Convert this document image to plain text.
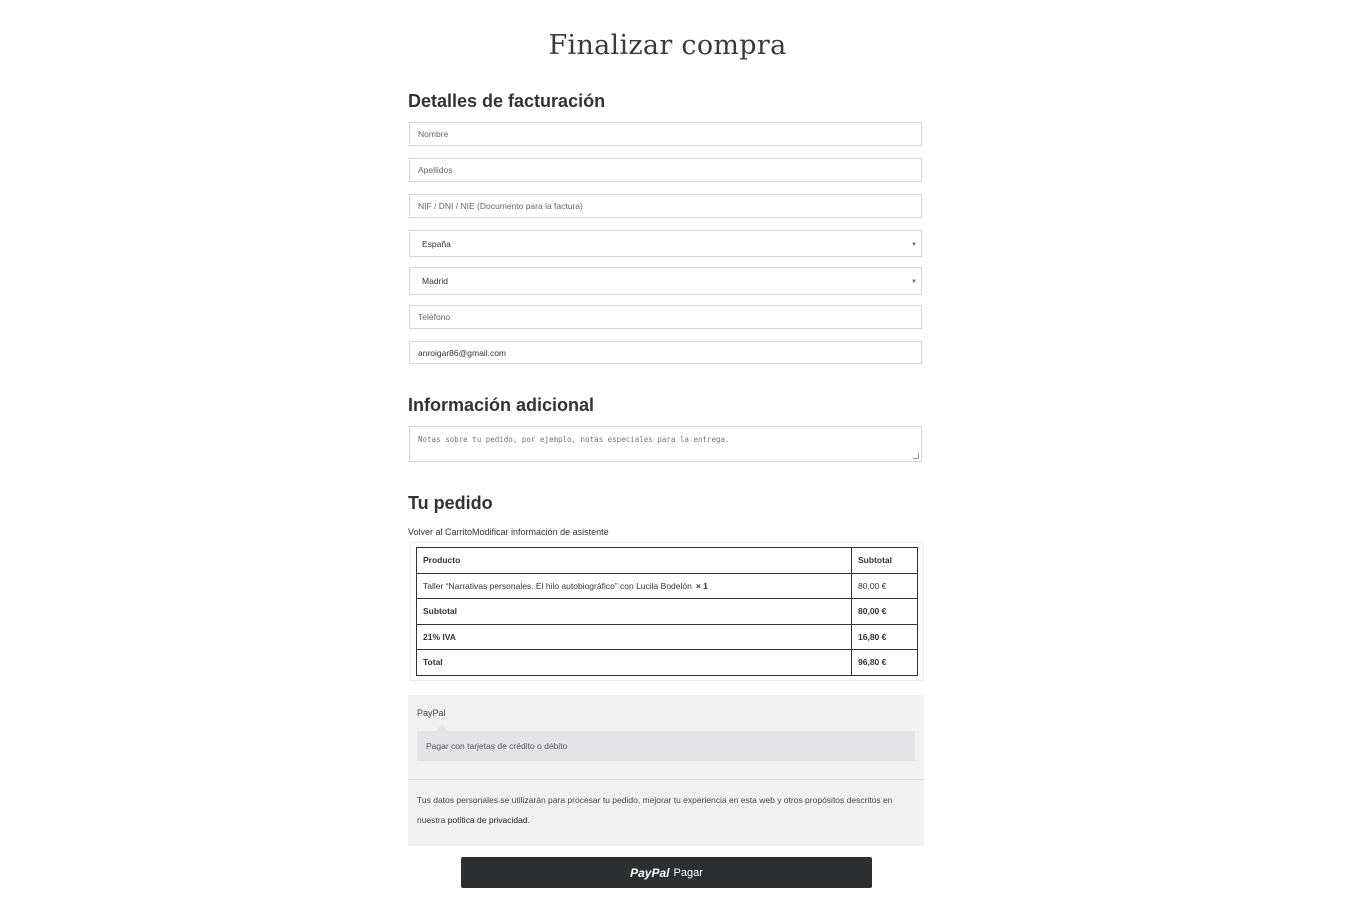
Finalizar compra
Detalles de facturación
Nombre
Apellidos
NIF / DNI / NIE (Documento para la factura)
España	▼
Madrid	▼
Teléfono
anroigar86@gmail.com
Información adicional
Notas sobre tu pedido, por ejemplo, notas especiales para la entrega.
Tu pedido
Volver al CarritoModificar información de asistente
Producto	Subtotal
Taller “Narrativas personales. El hilo autobiográfico” con Lucila Bodelón × 1	80,00 €
Subtotal	80,00 €
21% IVA	16,80 €
Total	96,80 €
PayPal
Pagar con tarjetas de crédito o débito
Tus datos personales se utilizarán para procesar tu pedido, mejorar tu experiencia en esta web y otros propósitos descritos en nuestra política de privacidad.
PayPal Pagar
